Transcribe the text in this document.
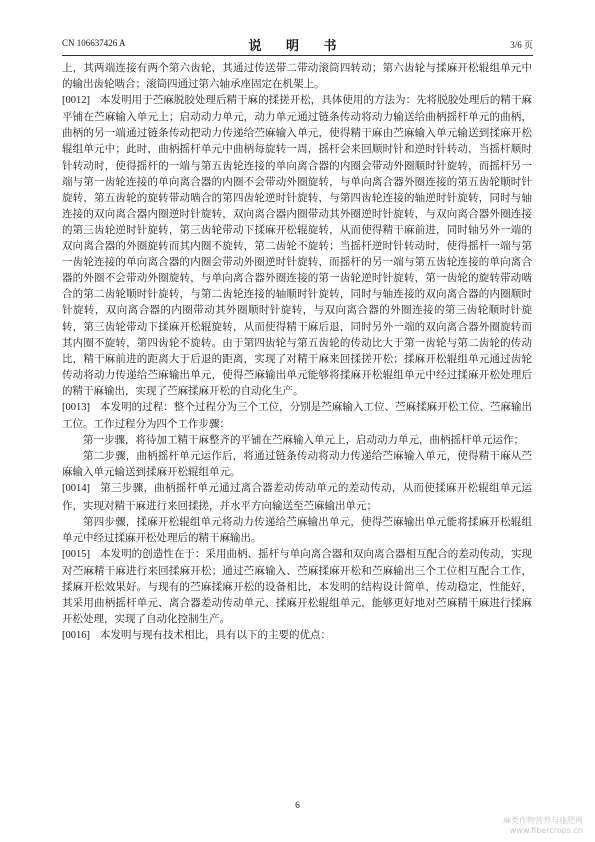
CN 106637426 A	说 明 书	3/6 页

上，其两端连接有两个第六齿轮，其通过传送带二带动滚筒四转动；第六齿轮与揉麻开松辊组单元中的输出齿轮啮合；滚筒四通过第六轴承座固定在机架上。

[0012] 本发明用于苎麻脱胶处理后精干麻的揉搓开松，具体使用的方法为：先将脱胶处理后的精干麻平铺在苎麻输入单元上；启动动力单元，动力单元通过链条传动将动力输送给曲柄摇杆单元的曲柄，曲柄的另一端通过链条传动把动力传递给苎麻输入单元，使得精干麻由苎麻输入单元输送到揉麻开松辊组单元中；此时，曲柄摇杆单元中曲柄每旋转一周，摇杆会来回顺时针和逆时针转动，当摇杆顺时针转动时，使得摇杆的一端与第五齿轮连接的单向离合器的内圈会带动外圈顺时针旋转，而摇杆另一端与第一齿轮连接的单向离合器的内圈不会带动外圈旋转，与单向离合器外圈连接的第五齿轮顺时针旋转，第五齿轮的旋转带动啮合的第四齿轮逆时针旋转，与第四齿轮连接的轴逆时针旋转，同时与轴连接的双向离合器内圈逆时针旋转，双向离合器内圈带动其外圈逆时针旋转，与双向离合器外圈连接的第三齿轮逆时针旋转，第三齿轮带动下揉麻开松辊旋转，从而使得精干麻前进，同时轴另外一端的双向离合器的外圈旋转而其内圈不旋转，第二齿轮不旋转；当摇杆逆时针转动时，使得摇杆一端与第一齿轮连接的单向离合器的内圈会带动外圈逆时针旋转，而摇杆的另一端与第五齿轮连接的单向离合器的外圈不会带动外圈旋转，与单向离合器外圈连接的第一齿轮逆时针旋转，第一齿轮的旋转带动啮合的第二齿轮顺时针旋转，与第二齿轮连接的轴顺时针旋转，同时与轴连接的双向离合器的内圈顺时针旋转，双向离合器的内圈带动其外圈顺时针旋转，与双向离合器的外圈连接的第三齿轮顺时针旋转，第三齿轮带动下揉麻开松辊旋转，从而使得精干麻后退，同时另外一端的双向离合器外圈旋转而其内圈不旋转，第四齿轮不旋转。由于第四齿轮与第五齿轮的传动比大于第一齿轮与第二齿轮的传动比，精干麻前进的距离大于后退的距离，实现了对精干麻来回揉搓开松；揉麻开松辊组单元通过齿轮传动将动力传递给苎麻输出单元，使得苎麻输出单元能够将揉麻开松辊组单元中经过揉麻开松处理后的精干麻输出，实现了苎麻揉麻开松的自动化生产。

[0013] 本发明的过程：整个过程分为三个工位，分别是苎麻输入工位、苎麻揉麻开松工位、苎麻输出工位。工作过程分为四个工作步骤：

第一步骤，将待加工精干麻整齐的平铺在苎麻输入单元上，启动动力单元，曲柄摇杆单元运作；

第二步骤，曲柄摇杆单元运作后，将通过链条传动将动力传递给苎麻输入单元，使得精干麻从苎麻输入单元输送到揉麻开松辊组单元。

[0014] 第三步骤，曲柄摇杆单元通过离合器差动传动单元的差动传动，从而使揉麻开松辊组单元运作，实现对精干麻进行来回揉搓，并水平方向输送至苎麻输出单元；

第四步骤，揉麻开松辊组单元将动力传递给苎麻输出单元，使得苎麻输出单元能将揉麻开松辊组单元中经过揉麻开松处理后的精干麻输出。

[0015] 本发明的创造性在于：采用曲柄、摇杆与单向离合器和双向离合器相互配合的差动传动，实现对苎麻精干麻进行来回揉麻开松；通过苎麻输入、苎麻揉麻开松和苎麻输出三个工位相互配合工作，揉麻开松效果好。与现有的苎麻揉麻开松的设备相比，本发明的结构设计简单，传动稳定，性能好，其采用曲柄摇杆单元、离合器差动传动单元、揉麻开松辊组单元，能够更好地对苎麻精干麻进行揉麻开松处理，实现了自动化控制生产。

[0016] 本发明与现有技术相比，具有以下的主要的优点：

6
麻类作物营养与施肥网
www.fibercrops.cn
